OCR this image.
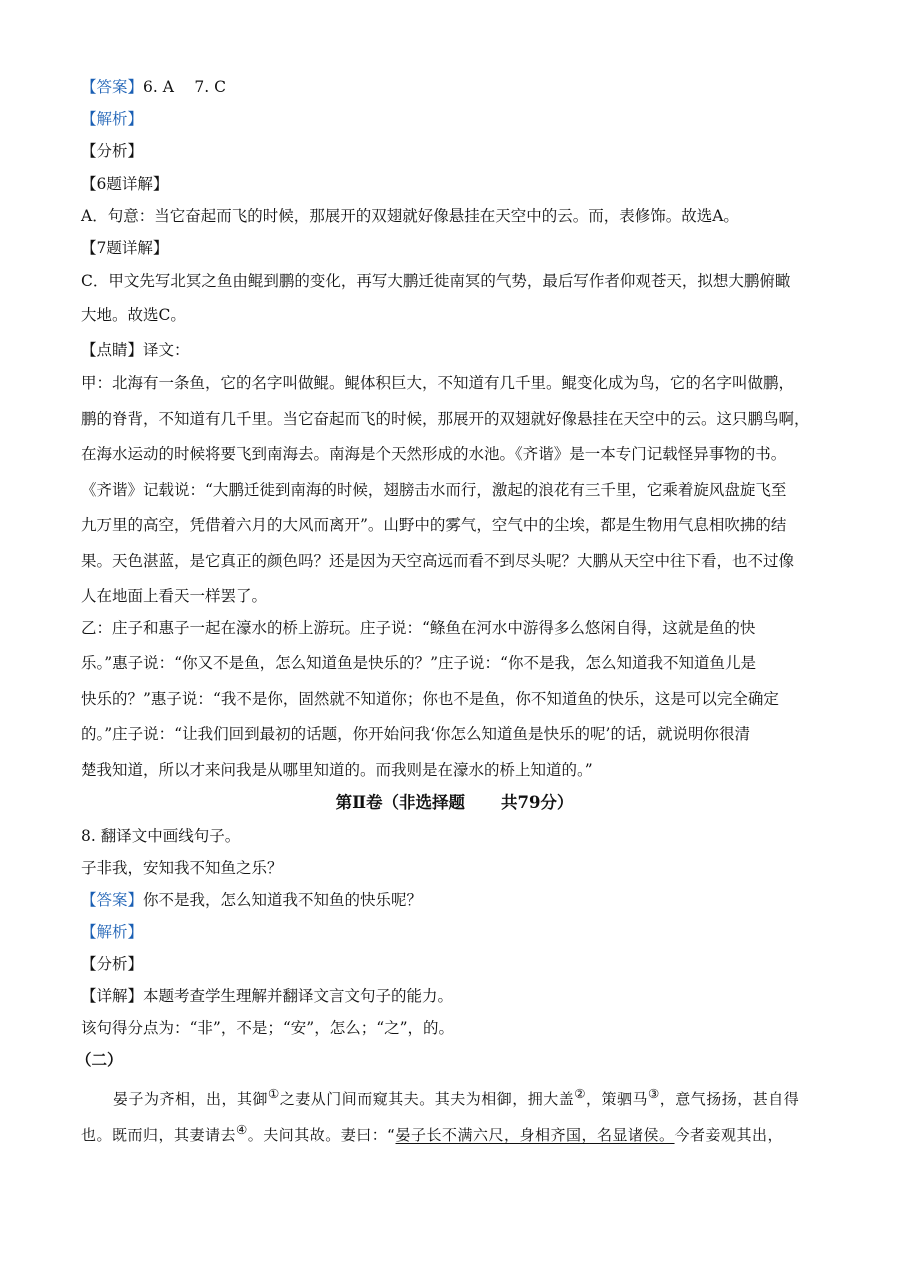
【答案】6. A　 7. C
【解析】
【分析】
【6题详解】
A．句意：当它奋起而飞的时候，那展开的双翅就好像悬挂在天空中的云。而，表修饰。故选A。
【7题详解】
C．甲文先写北冥之鱼由鲲到鹏的变化，再写大鹏迁徙南冥的气势，最后写作者仰观苍天，拟想大鹏俯瞰
大地。故选C。
【点睛】译文：
甲：北海有一条鱼，它的名字叫做鲲。鲲体积巨大，不知道有几千里。鲲变化成为鸟，它的名字叫做鹏，
鹏的脊背，不知道有几千里。当它奋起而飞的时候，那展开的双翅就好像悬挂在天空中的云。这只鹏鸟啊，
在海水运动的时候将要飞到南海去。南海是个天然形成的水池。《齐谐》是一本专门记载怪异事物的书。
《齐谐》记载说：“大鹏迁徙到南海的时候，翅膀击水而行，激起的浪花有三千里，它乘着旋风盘旋飞至
九万里的高空，凭借着六月的大风而离开”。山野中的雾气，空气中的尘埃，都是生物用气息相吹拂的结
果。天色湛蓝，是它真正的颜色吗？还是因为天空高远而看不到尽头呢？大鹏从天空中往下看，也不过像
人在地面上看天一样罢了。
乙：庄子和惠子一起在濠水的桥上游玩。庄子说：“鲦鱼在河水中游得多么悠闲自得，这就是鱼的快
乐。”惠子说：“你又不是鱼，怎么知道鱼是快乐的？”庄子说：“你不是我，怎么知道我不知道鱼儿是
快乐的？”惠子说：“我不是你，固然就不知道你；你也不是鱼，你不知道鱼的快乐，这是可以完全确定
的。”庄子说：“让我们回到最初的话题，你开始问我‘你怎么知道鱼是快乐的呢’的话，就说明你很清
楚我知道，所以才来问我是从哪里知道的。而我则是在濠水的桥上知道的。”
第Ⅱ卷（非选择题 共79分）
8. 翻译文中画线句子。
子非我，安知我不知鱼之乐？
【答案】你不是我，怎么知道我不知鱼的快乐呢？
【解析】
【分析】
【详解】本题考查学生理解并翻译文言文句子的能力。
该句得分点为：“非”，不是；“安”，怎么；“之”，的。
（二）
晏子为齐相，出，其御①之妻从门间而窥其夫。其夫为相御，拥大盖②，策驷马③，意气扬扬，甚自得
也。既而归，其妻请去④。夫问其故。妻曰：“晏子长不满六尺，身相齐国，名显诸侯。今者妾观其出，
